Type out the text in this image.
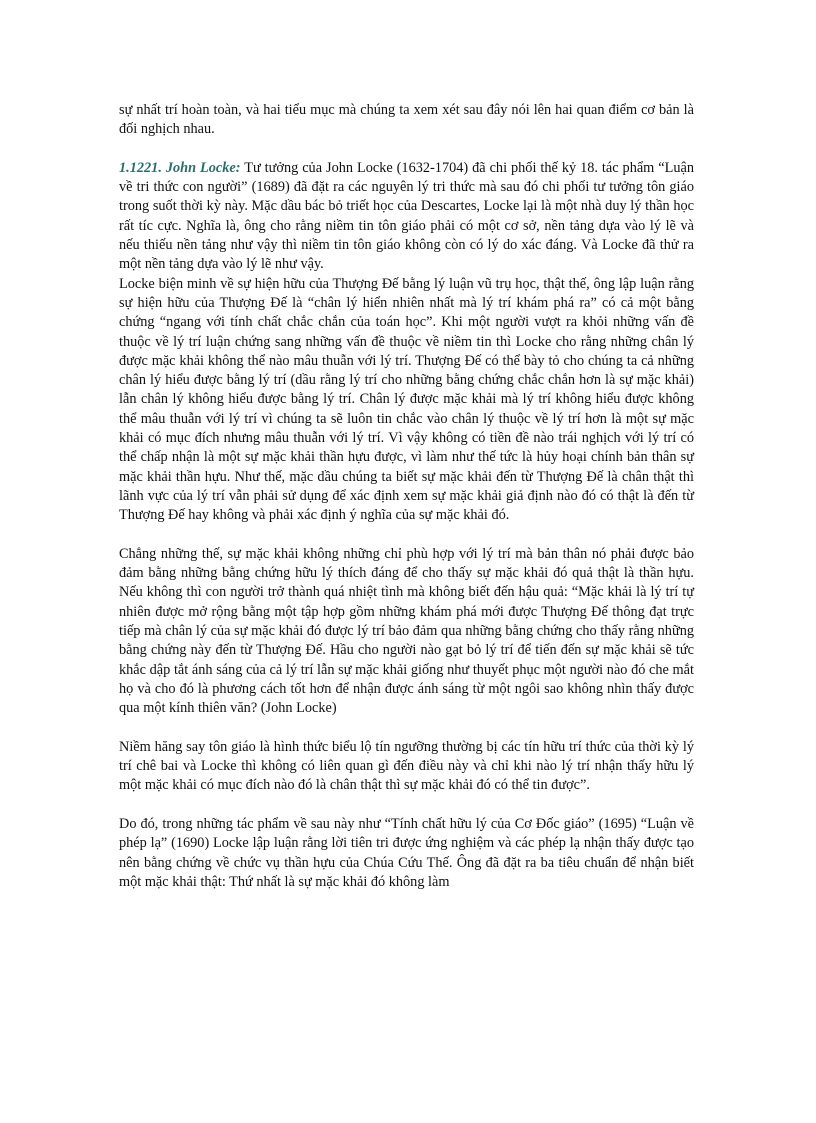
sự nhất trí hoàn toàn, và hai tiểu mục mà chúng ta xem xét sau đây nói lên hai quan điểm cơ bản là đối nghịch nhau.

1.1221. John Locke: Tư tưởng của John Locke (1632-1704) đã chi phối thế kỷ 18. tác phẩm “Luận về tri thức con người” (1689) đã đặt ra các nguyên lý tri thức mà sau đó chi phối tư tưởng tôn giáo trong suốt thời kỳ này. Mặc dầu bác bỏ triết học của Descartes, Locke lại là một nhà duy lý thần học rất tíc cực. Nghĩa là, ông cho rằng niềm tin tôn giáo phải có một cơ sở, nền tảng dựa vào lý lẽ và nếu thiếu nền tảng như vậy thì niềm tin tôn giáo không còn có lý do xác đáng. Và Locke đã thử ra một nền tảng dựa vào lý lẽ như vậy.

Locke biện minh về sự hiện hữu của Thượng Đế bằng lý luận vũ trụ học, thật thế, ông lập luận rằng sự hiện hữu của Thượng Đế là “chân lý hiển nhiên nhất mà lý trí khám phá ra” có cả một bằng chứng “ngang với tính chất chắc chắn của toán học”. Khi một người vượt ra khỏi những vấn đề thuộc về lý trí luận chứng sang những vấn đề thuộc về niềm tin thì Locke cho rằng những chân lý được mặc khải không thể nào mâu thuẫn với lý trí. Thượng Đế có thể bày tỏ cho chúng ta cả những chân lý hiểu được bằng lý trí (dầu rằng lý trí cho những bằng chứng chắc chắn hơn là sự mặc khải) lẫn chân lý không hiểu được bằng lý trí. Chân lý được mặc khải mà lý trí không hiểu được không thể mâu thuẫn với lý trí vì chúng ta sẽ luôn tin chắc vào chân lý thuộc về lý trí hơn là một sự mặc khải có mục đích nhưng mâu thuẫn với lý trí. Vì vậy không có tiền đề nào trái nghịch với lý trí có thể chấp nhận là một sự mặc khải thần hựu được, vì làm như thế tức là hủy hoại chính bản thân sự mặc khải thần hựu. Như thế, mặc dầu chúng ta biết sự mặc khải đến từ Thượng Đế là chân thật thì lãnh vực của lý trí vẫn phải sử dụng để xác định xem sự mặc khải giả định nào đó có thật là đến từ Thượng Đế hay không và phải xác định ý nghĩa của sự mặc khải đó.

Chẳng những thế, sự mặc khải không những chỉ phù hợp với lý trí mà bản thân nó phải được bảo đảm bằng những bằng chứng hữu lý thích đáng để cho thấy sự mặc khải đó quả thật là thần hựu. Nếu không thì con người trở thành quá nhiệt tình mà không biết đến hậu quả: “Mặc khải là lý trí tự nhiên được mở rộng bằng một tập hợp gồm những khám phá mới được Thượng Đế thông đạt trực tiếp mà chân lý của sự mặc khải đó được lý trí bảo đảm qua những bằng chứng cho thấy rằng những bằng chứng này đến từ Thượng Đế. Hầu cho người nào gạt bỏ lý trí để tiến đến sự mặc khải sẽ tức khắc dập tắt ánh sáng của cả lý trí lẫn sự mặc khải giống như thuyết phục một người nào đó che mắt họ và cho đó là phương cách tốt hơn để nhận được ánh sáng từ một ngôi sao không nhìn thấy được qua một kính thiên văn? (John Locke)

Niềm hăng say tôn giáo là hình thức biểu lộ tín ngưỡng thường bị các tín hữu trí thức của thời kỳ lý trí chê bai và Locke thì không có liên quan gì đến điều này và chỉ khi nào lý trí nhận thấy hữu lý một mặc khải có mục đích nào đó là chân thật thì sự mặc khải đó có thể tin được”.

Do đó, trong những tác phẩm về sau này như “Tính chất hữu lý của Cơ Đốc giáo” (1695) “Luận về phép lạ” (1690) Locke lập luận rằng lời tiên tri được ứng nghiệm và các phép lạ nhận thấy được tạo nên bằng chứng về chức vụ thần hựu của Chúa Cứu Thế. Ông đã đặt ra ba tiêu chuẩn để nhận biết một mặc khải thật: Thứ nhất là sự mặc khải đó không làm
